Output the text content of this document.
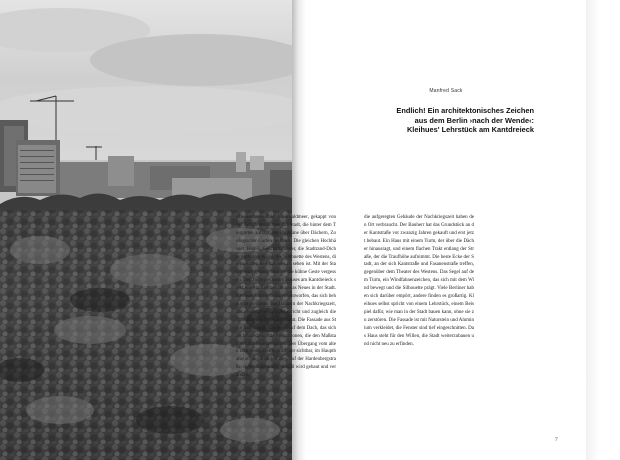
Manfred Sack
Endlich! Ein architektonisches Zeichen
aus dem Berlin ›nach der Wende‹:
Kleihues' Lehrstück am Kantdreieck
Ein seltsames Bild: Laubwaldmeer, gekappt von der Architekturkulisse der Stadt, die hinter dem Tiergarten aufragt, die Baukräne über Dächern, Zoologischer Garten im Blick. Die gleichen Hochhäuser, Hotels, Geschäftshäuser, die Stadtrand-Dichte nach dem Krieg, die Silhouette des Westens, die zwischen den Bäumen zu sehen ist. Mit der Stadtgrenze gebaut, lässt sie die kühne Geste vergessen. Der Turm des neuen Hauses am Kantdreieck steht wie ein Zeichen für etwas Neues in der Stadt. Kleihues hat ein Gebäude entworfen, das sich behauptet zwischen den Häusern der Nachkriegszeit, das eine eigene Sprache spricht und zugleich die Tradition des Ortes aufnimmt. Die Fassade aus Stein und Metall, das Segel auf dem Dach, das sich im Wind dreht, die Proportionen, die den Maßstab der Straße respektieren. Der Übergang vom alten zum neuen Berlin wird hier sichtbar, im Hauptbahnhof und Bahnhof Zoo, auf der Hardenbergstraße, in der Kantstraße, überall wird gebaut und verändert.
die aufgeregten Gebäude der Nachkriegszeit haben den Ort verbraucht. Der Bauherr hat das Grundstück an der Kantstraße vor zwanzig Jahren gekauft und erst jetzt bebaut. Ein Haus mit einem Turm, der über die Dächer hinausragt, und einem flachen Trakt entlang der Straße, der die Traufhöhe aufnimmt. Die beste Ecke der Stadt, an der sich Kantstraße und Fasanenstraße treffen, gegenüber dem Theater des Westens. Das Segel auf dem Turm, ein Windfahnenzeichen, das sich mit dem Wind bewegt und die Silhouette prägt. Viele Berliner haben sich darüber empört, andere finden es großartig. Kleihues selbst spricht von einem Lehrstück, einem Beispiel dafür, wie man in der Stadt bauen kann, ohne sie zu zerstören. Die Fassade ist mit Naturstein und Aluminium verkleidet, die Fenster sind tief eingeschnitten. Das Haus steht für den Willen, die Stadt weiterzubauen und nicht neu zu erfinden.
7
